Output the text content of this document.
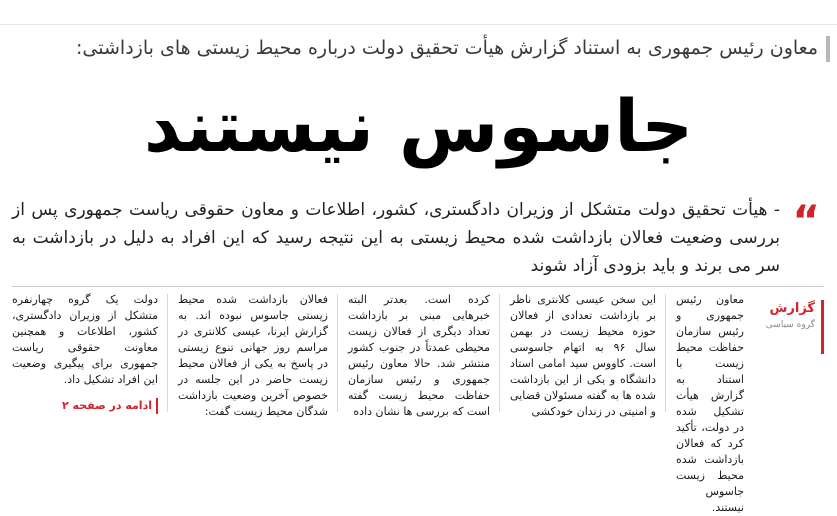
معاون رئیس جمهوری به استناد گزارش هیأت تحقیق دولت درباره محیط زیستی های بازداشتی:
جاسوس نیستند
“
- هیأت تحقیق دولت متشکل از وزیران دادگستری، کشور، اطلاعات و معاون حقوقی ریاست جمهوری پس از بررسی وضعیت فعالان بازداشت شده محیط زیستی به این نتیجه رسید که این افراد به دلیل در بازداشت به سر می برند و باید بزودی آزاد شوند
گزارش
گروه سیاسی
معاون رئیس جمهوری و رئیس سازمان حفاظت محیط زیست با استناد به گزارش هیأت تشکیل شده در دولت، تأکید کرد که فعالان بازداشت شده محیط زیست جاسوس نیستند.
این سخن عیسی کلانتری ناظر بر بازداشت تعدادی از فعالان حوزه محیط زیست در بهمن سال ۹۶ به اتهام جاسوسی است. کاووس سید امامی استاد دانشگاه و یکی از این بازداشت شده ها به گفته مسئولان قضایی و امنیتی در زندان خودکشی
کرده است. بعدتر البته خبرهایی مبنی بر بازداشت تعداد دیگری از فعالان زیست محیطی عمدتاً در جنوب کشور منتشر شد. حالا معاون رئیس جمهوری و رئیس سازمان حفاظت محیط زیست گفته است که بررسی ها نشان داده
فعالان بازداشت شده محیط زیستی جاسوس نبوده اند. به گزارش ایرنا، عیسی کلانتری در مراسم روز جهانی تنوع زیستی در پاسخ به یکی از فعالان محیط زیست حاضر در این جلسه در خصوص آخرین وضعیت بازداشت شدگان محیط زیست گفت:
دولت یک گروه چهارنفره متشکل از وزیران دادگستری، کشور، اطلاعات و همچنین معاونت حقوقی ریاست جمهوری برای پیگیری وضعیت این افراد تشکیل داد.
ادامه در صفحه ۲
